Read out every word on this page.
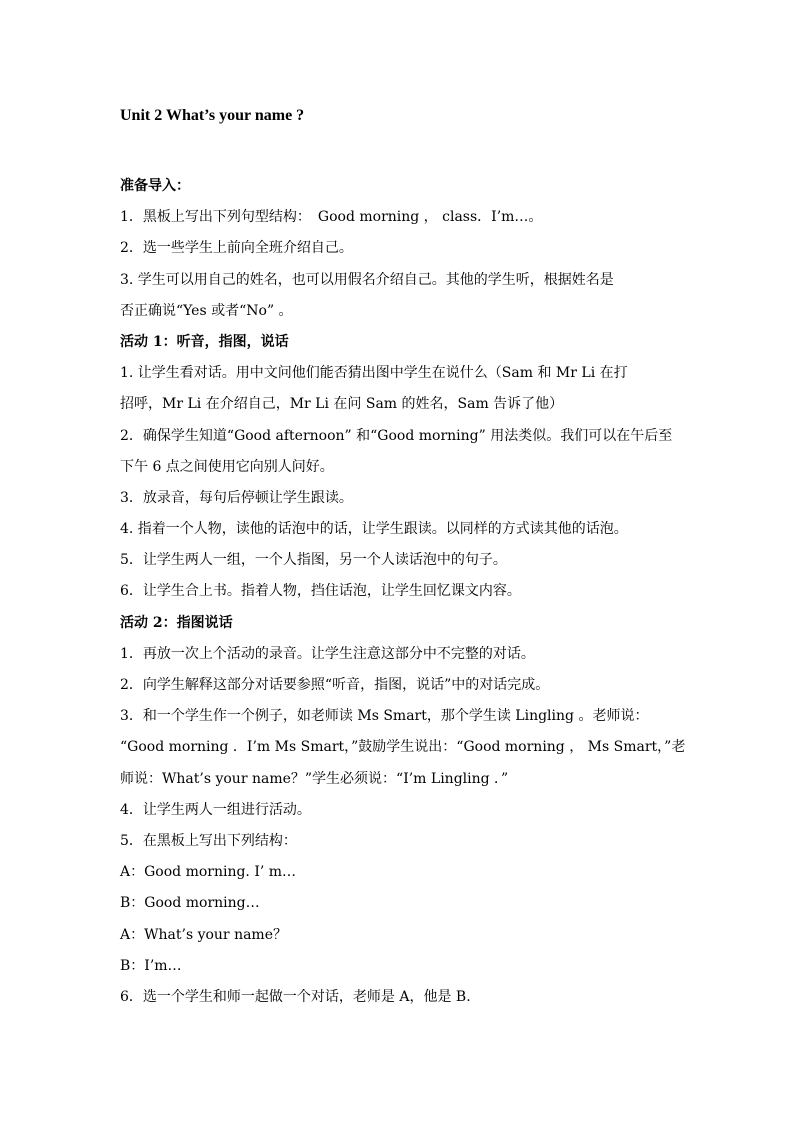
Unit 2 What’s your name ?
准备导入：
1．黑板上写出下列句型结构：　Good morning ， class．I’m…。
2．选一些学生上前向全班介绍自己。
3. 学生可以用自己的姓名，也可以用假名介绍自己。其他的学生听，根据姓名是
否正确说“Yes 或者“No” 。
活动 1：听音，指图，说话
1. 让学生看对话。用中文问他们能否猜出图中学生在说什么（Sam 和 Mr Li 在打
招呼，Mr Li 在介绍自己，Mr Li 在问 Sam 的姓名，Sam 告诉了他）
2．确保学生知道“Good afternoon” 和“Good morning” 用法类似。我们可以在午后至
下午 6 点之间使用它向别人问好。
3．放录音，每句后停顿让学生跟读。
4. 指着一个人物，读他的话泡中的话，让学生跟读。以同样的方式读其他的话泡。
5．让学生两人一组，一个人指图，另一个人读话泡中的句子。
6．让学生合上书。指着人物，挡住话泡，让学生回忆课文内容。
活动 2：指图说话
1．再放一次上个活动的录音。让学生注意这部分中不完整的对话。
2．向学生解释这部分对话要参照“听音，指图，说话”中的对话完成。
3．和一个学生作一个例子，如老师读 Ms Smart，那个学生读 Lingling 。老师说：
“Good morning ．I’m Ms Smart，”鼓励学生说出：“Good morning ， Ms Smart，”老
师说：What’s your name？”学生必须说：“I’m Lingling ．”
4．让学生两人一组进行活动。
5．在黑板上写出下列结构：
A：Good morning. I’ m…
B：Good morning…
A：What’s your name？
B：I’m…
6．选一个学生和师一起做一个对话，老师是 A，他是 B.
